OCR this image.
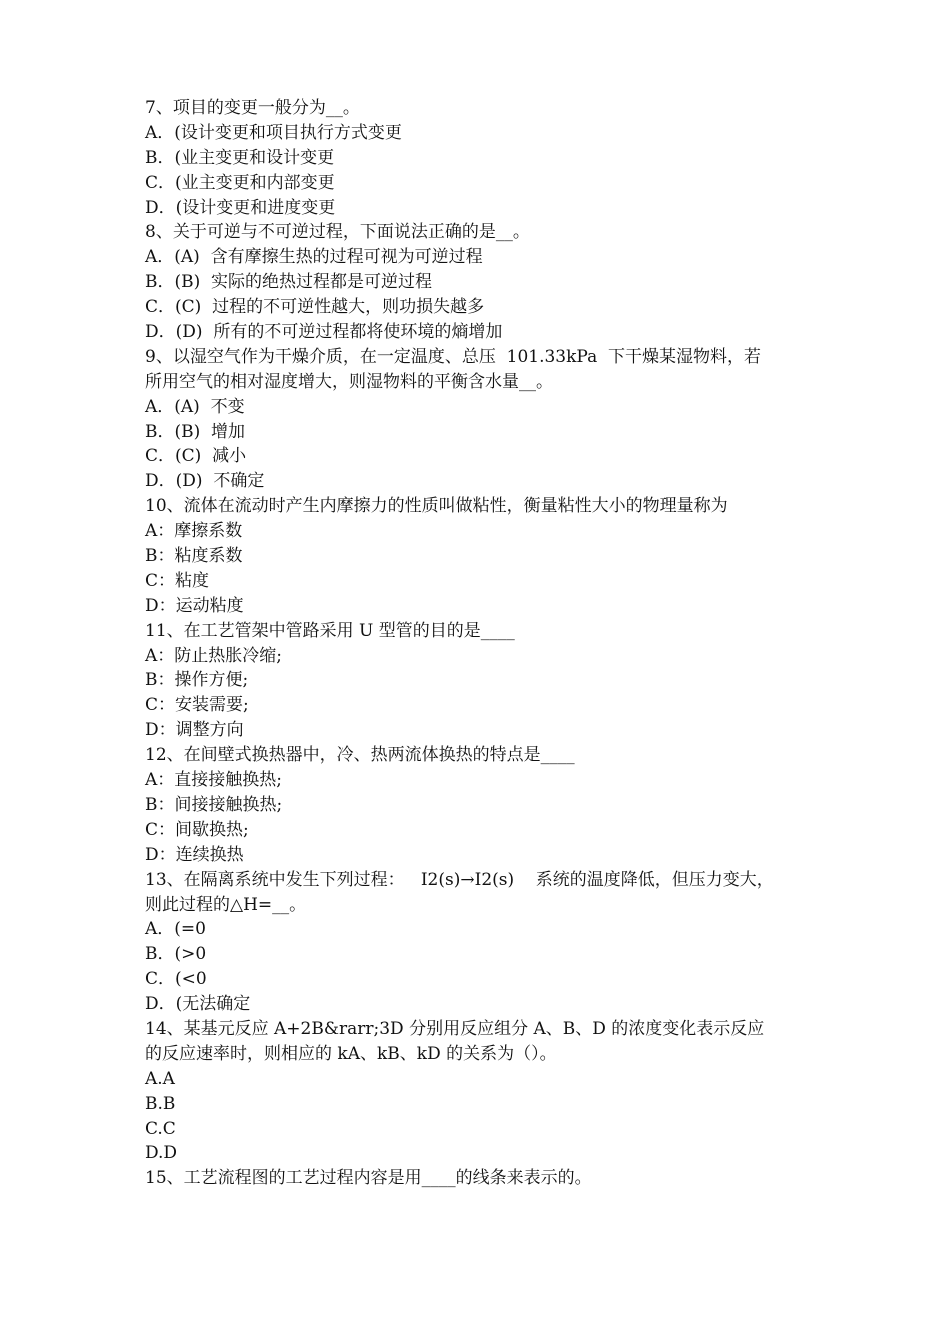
7、项目的变更一般分为__。
A．(设计变更和项目执行方式变更
B．(业主变更和设计变更
C．(业主变更和内部变更
D．(设计变更和进度变更
8、关于可逆与不可逆过程，下面说法正确的是__。
A．(A)  含有摩擦生热的过程可视为可逆过程
B．(B)  实际的绝热过程都是可逆过程
C．(C)  过程的不可逆性越大，则功损失越多
D．(D)  所有的不可逆过程都将使环境的熵增加
9、以湿空气作为干燥介质，在一定温度、总压  101.33kPa  下干燥某湿物料，若
所用空气的相对湿度增大，则湿物料的平衡含水量__。
A．(A)  不变
B．(B)  增加
C．(C)  减小
D．(D)  不确定
10、流体在流动时产生内摩擦力的性质叫做粘性，衡量粘性大小的物理量称为
A：摩擦系数
B：粘度系数
C：粘度
D：运动粘度
11、在工艺管架中管路采用 U 型管的目的是____
A：防止热胀冷缩;
B：操作方便;
C：安装需要;
D：调整方向
12、在间壁式换热器中，冷、热两流体换热的特点是____
A：直接接触换热;
B：间接接触换热;
C：间歇换热;
D：连续换热
13、在隔离系统中发生下列过程：   I2(s)→I2(s)    系统的温度降低，但压力变大，
则此过程的△H=__。
A．(=0
B．(>0
C．(<0
D．(无法确定
14、某基元反应 A+2B&rarr;3D 分别用反应组分 A、B、D 的浓度变化表示反应
的反应速率时，则相应的 kA、kB、kD 的关系为（）。
A.A
B.B
C.C
D.D
15、工艺流程图的工艺过程内容是用____的线条来表示的。
